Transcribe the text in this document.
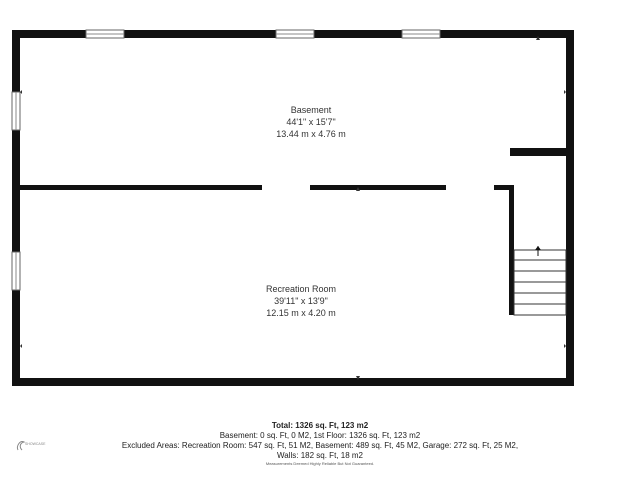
Basement
44'1" x 15'7"
13.44 m x 4.76 m
Recreation Room
39'11" x 13'9"
12.15 m x 4.20 m
SHOWCASE
Total: 1326 sq. Ft, 123 m2
Basement: 0 sq. Ft, 0 M2, 1st Floor: 1326 sq. Ft, 123 m2
Excluded Areas: Recreation Room: 547 sq. Ft, 51 M2, Basement: 489 sq. Ft, 45 M2, Garage: 272 sq. Ft, 25 M2,
Walls: 182 sq. Ft, 18 m2
Measurements Deemed Highly Reliable But Not Guaranteed.
